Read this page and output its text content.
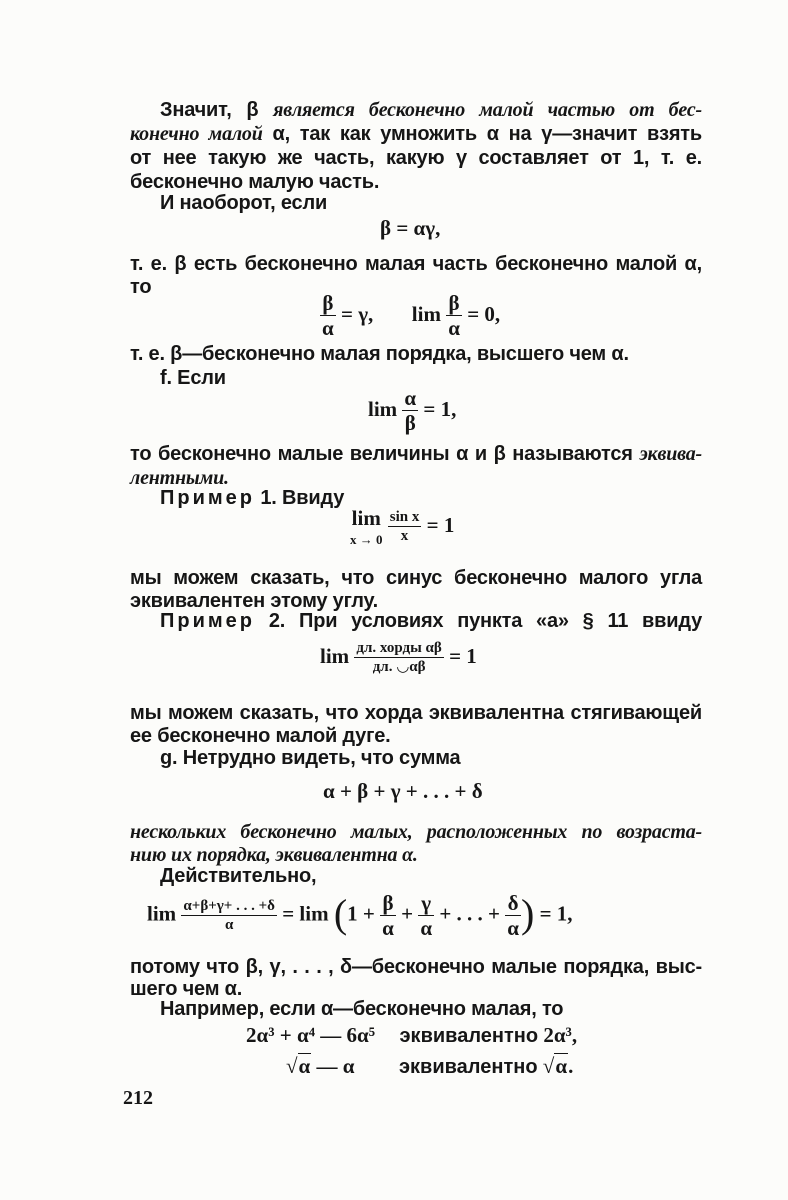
Значит, β является бесконечно малой частью от бес-
конечно малой α, так как умножить α на γ—значит взять
от нее такую же часть, какую γ составляет от 1, т. е.
бесконечно малую часть.
И наоборот, если
β = αγ,
т. е. β есть бесконечно малая часть бесконечно малой α,
то
$\frac{\beta}{\alpha} = \gamma$, $\lim \frac{\beta}{\alpha} = 0$,
т. е. β—бесконечно малая порядка, высшего чем α.
f. Если
$\lim \frac{\alpha}{\beta} = 1$,
то бесконечно малые величины α и β называются эквива-
лентными.
Пример 1. Ввиду
lim
x → 0
$\frac{\text{sin x}}{x} = 1$
мы можем сказать, что синус бесконечно малого угла
эквивалентен этому углу.
Пример 2. При условиях пункта «а» § 11 ввиду
$\lim \frac{\text{дл. хорды αβ}}{дл. ◡\alpha\beta} = 1$
мы можем сказать, что хорда эквивалентна стягивающей
ее бесконечно малой дуге.
g. Нетрудно видеть, что сумма
α + β + γ + . . . + δ
нескольких бесконечно малых, расположенных по возраста-
нию их порядка, эквивалентна α.
Действительно,
$\lim \frac{\alpha+\beta+\gamma+ . . . +\delta}{\alpha} = \lim (1 + \frac{\beta}{\alpha} + \frac{\gamma}{\alpha}$ + . . . + $\frac{\delta}{\alpha}$ ) = 1,
потому что β, γ, . . . , δ—бесконечно малые порядка, выс-
шего чем α.
Например, если α—бесконечно малая, то
2α³ + α⁴ — 6α⁵ эквивалентно 2α³,
√α — α эквивалентно √α.
212
